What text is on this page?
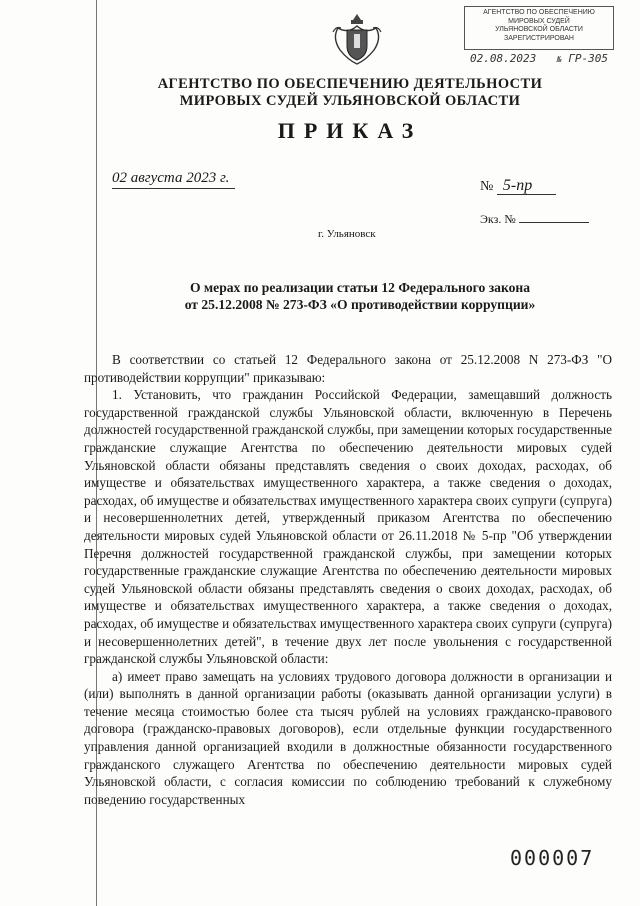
АГЕНТСТВО ПО ОБЕСПЕЧЕНИЮ
МИРОВЫХ СУДЕЙ
УЛЬЯНОВСКОЙ ОБЛАСТИ
ЗАРЕГИСТРИРОВАН
02.08.2023	№ ГР-305
АГЕНТСТВО ПО ОБЕСПЕЧЕНИЮ ДЕЯТЕЛЬНОСТИ
МИРОВЫХ СУДЕЙ УЛЬЯНОВСКОЙ ОБЛАСТИ
ПРИКАЗ
02 августа 2023 г.
№ 5-пр
Экз. №
г. Ульяновск
О мерах по реализации статьи 12 Федерального закона
от 25.12.2008 № 273-ФЗ «О противодействии коррупции»

В соответствии со статьей 12 Федерального закона от 25.12.2008 N 273-ФЗ "О противодействии коррупции" приказываю:

1. Установить, что гражданин Российской Федерации, замещавший должность государственной гражданской службы Ульяновской области, включенную в Перечень должностей государственной гражданской службы, при замещении которых государственные гражданские служащие Агентства по обеспечению деятельности мировых судей Ульяновской области обязаны представлять сведения о своих доходах, расходах, об имуществе и обязательствах имущественного характера, а также сведения о доходах, расходах, об имуществе и обязательствах имущественного характера своих супруги (супруга) и несовершеннолетних детей, утвержденный приказом Агентства по обеспечению деятельности мировых судей Ульяновской области от 26.11.2018 № 5-пр "Об утверждении Перечня должностей государственной гражданской службы, при замещении которых государственные гражданские служащие Агентства по обеспечению деятельности мировых судей Ульяновской области обязаны представлять сведения о своих доходах, расходах, об имуществе и обязательствах имущественного характера, а также сведения о доходах, расходах, об имуществе и обязательствах имущественного характера своих супруги (супруга) и несовершеннолетних детей", в течение двух лет после увольнения с государственной гражданской службы Ульяновской области:

а) имеет право замещать на условиях трудового договора должности в организации и (или) выполнять в данной организации работы (оказывать данной организации услуги) в течение месяца стоимостью более ста тысяч рублей на условиях гражданско-правового договора (гражданско-правовых договоров), если отдельные функции государственного управления данной организацией входили в должностные обязанности государственного гражданского служащего Агентства по обеспечению деятельности мировых судей Ульяновской области, с согласия комиссии по соблюдению требований к служебному поведению государственных

000007
